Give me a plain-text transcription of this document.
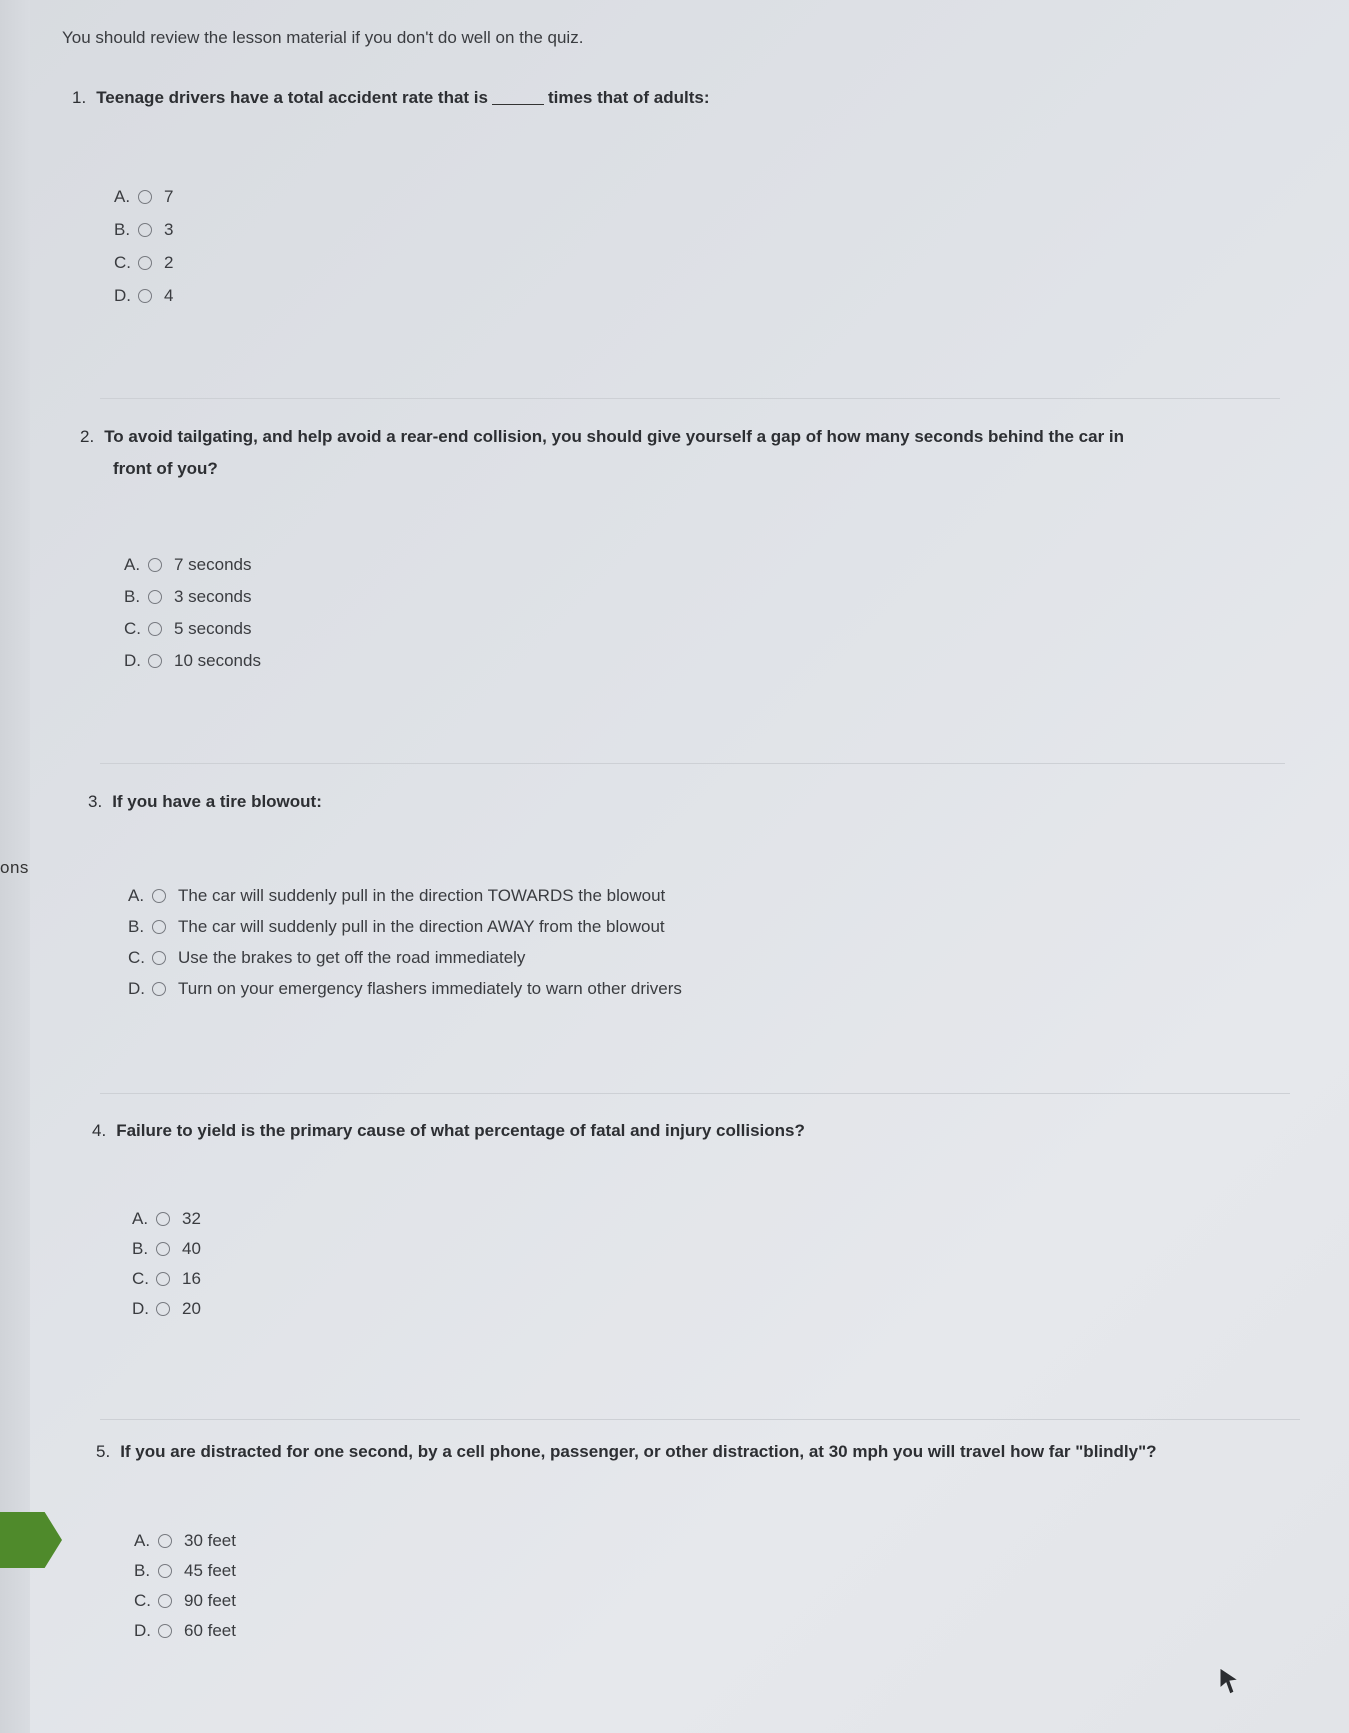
ons
You should review the lesson material if you don't do well on the quiz.
1. Teenage drivers have a total accident rate that is	times that of adults:
A.	7
B.	3
C. 2
D. 4
2. To avoid tailgating, and help avoid a rear-end collision, you should give yourself a gap of how many seconds behind the car in
front of you?
A.	7 seconds
B.	3 seconds
C. 5 seconds
D. 10 seconds
3. If you have a tire blowout:
A.	The car will suddenly pull in the direction TOWARDS the blowout
B.	The car will suddenly pull in the direction AWAY from the blowout
C. Use the brakes to get off the road immediately
D. Turn on your emergency flashers immediately to warn other drivers
4. Failure to yield is the primary cause of what percentage of fatal and injury collisions?
A.	32
B.	40
C. 16
D. 20
5. If you are distracted for one second, by a cell phone, passenger, or other distraction, at 30 mph you will travel how far "blindly"?
A.	30 feet
B.	45 feet
C. 90 feet
D. 60 feet
